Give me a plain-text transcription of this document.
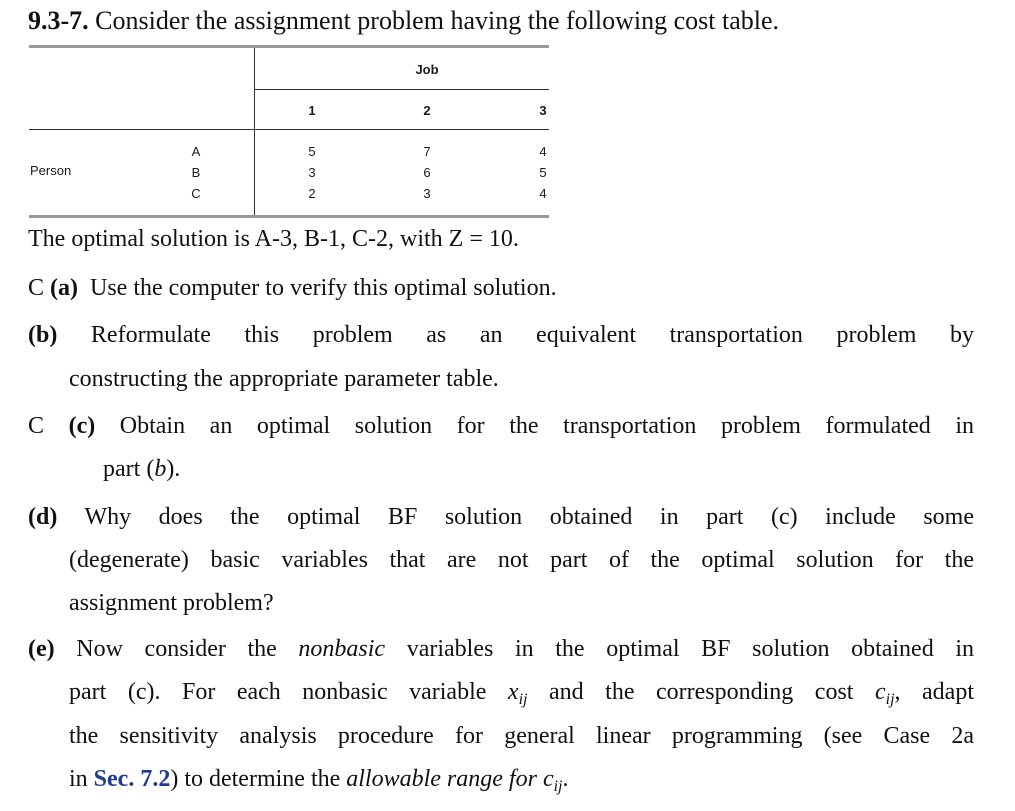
9.3-7. Consider the assignment problem having the following cost table.
Job
1	2	3
Person
A
B
C
5
3
2
7
6
3
4
5
4
The optimal solution is A-3, B-1, C-2, with Z = 10.
C (a) Use the computer to verify this optimal solution.
(b) Reformulate this problem as an equivalent transportation problem by
constructing the appropriate parameter table.
C (c) Obtain an optimal solution for the transportation problem formulated in
part (b).
(d) Why does the optimal BF solution obtained in part (c) include some
(degenerate) basic variables that are not part of the optimal solution for the
assignment problem?
(e) Now consider the nonbasic variables in the optimal BF solution obtained in
part (c). For each nonbasic variable $x_{ij}$ and the corresponding cost $c_{ij}$, adapt
the sensitivity analysis procedure for general linear programming (see Case 2a
in Sec. 7.2) to determine the allowable range for $c_{ij}$.
